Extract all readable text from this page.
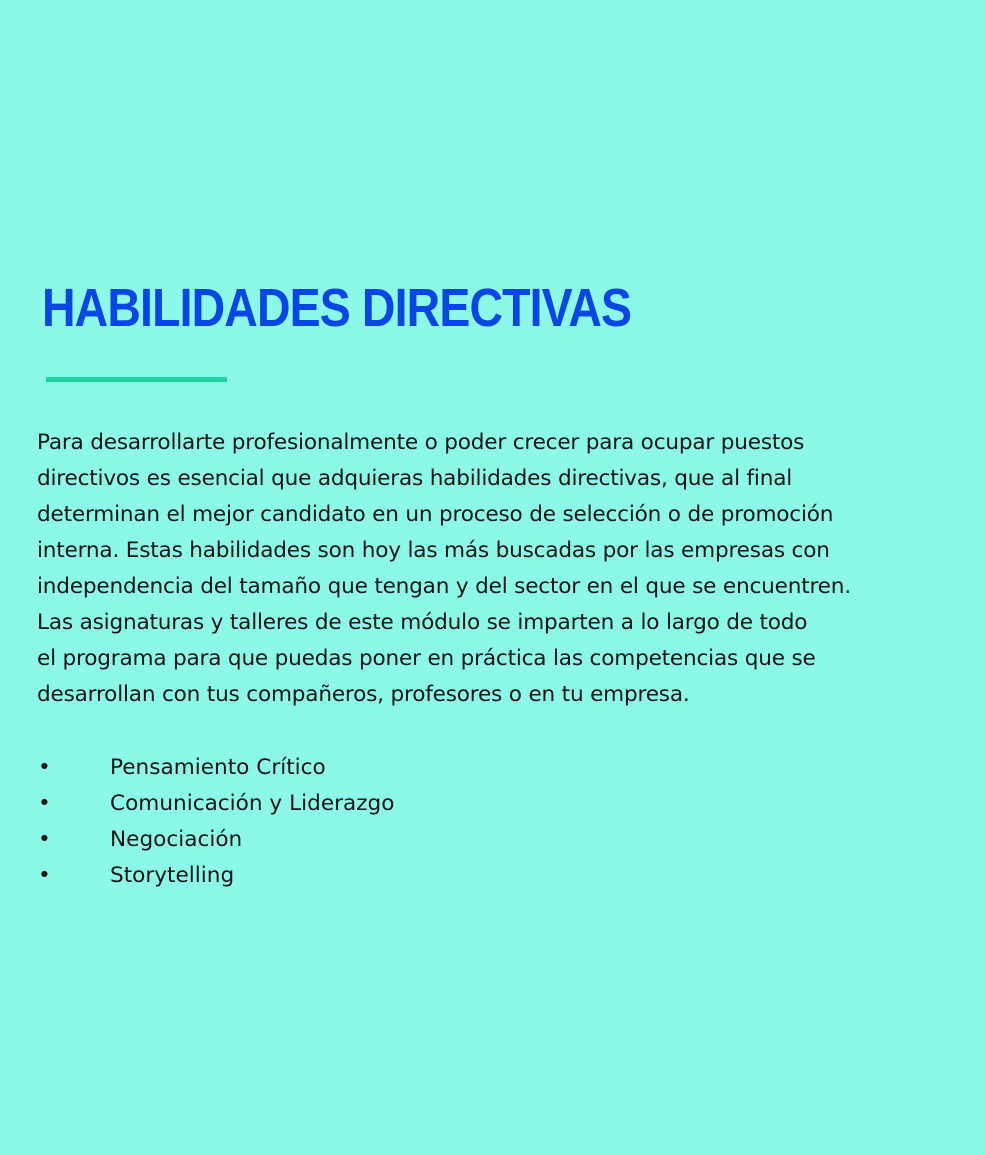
HABILIDADES DIRECTIVAS

Para desarrollarte profesionalmente o poder crecer para ocupar puestos
directivos es esencial que adquieras habilidades directivas, que al final
determinan el mejor candidato en un proceso de selección o de promoción
interna. Estas habilidades son hoy las más buscadas por las empresas con
independencia del tamaño que tengan y del sector en el que se encuentren.
Las asignaturas y talleres de este módulo se imparten a lo largo de todo
el programa para que puedas poner en práctica las competencias que se
desarrollan con tus compañeros, profesores o en tu empresa.

•	Pensamiento Crítico
•	Comunicación y Liderazgo
•	Negociación
•	Storytelling
